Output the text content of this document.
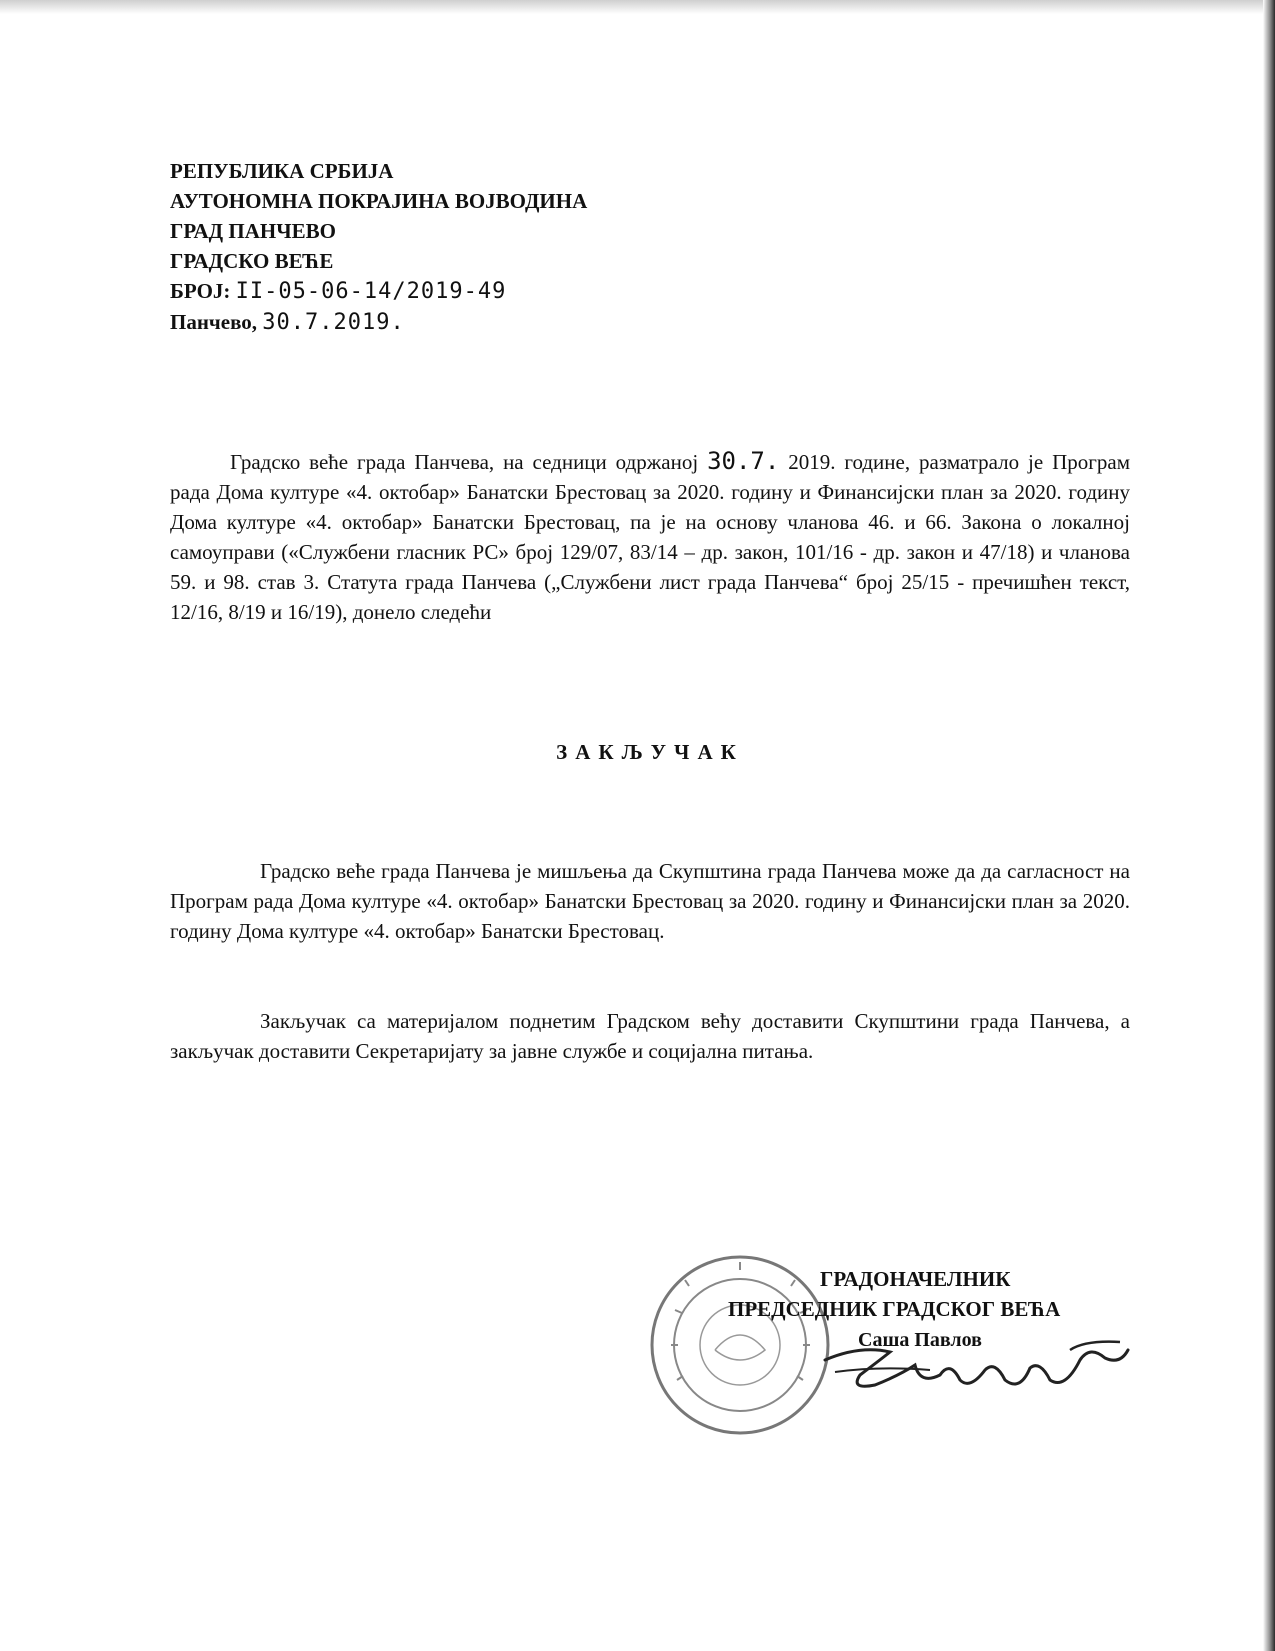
РЕПУБЛИКА СРБИЈА
АУТОНОМНА ПОКРАЈИНА ВОЈВОДИНА
ГРАД ПАНЧЕВО
ГРАДСКО ВЕЋЕ
БРОЈ: II-05-06-14/2019-49
Панчево, 30.7.2019.
Градско веће града Панчева, на седници одржаној 30.7. 2019. године, разматрало је Програм рада Дома културе «4. октобар» Банатски Брестовац за 2020. годину и Финансијски план за 2020. годину Дома културе «4. октобар» Банатски Брестовац, па је на основу чланова 46. и 66. Закона о локалној самоуправи («Службени гласник РС» број 129/07, 83/14 – др. закон, 101/16 - др. закон и 47/18) и чланова 59. и 98. став 3. Статута града Панчева („Службени лист града Панчева“ број 25/15 - пречишћен текст, 12/16, 8/19 и 16/19), донело следећи
ЗАКЉУЧАК
Градско веће града Панчева је мишљења да Скупштина града Панчева може да да сагласност на Програм рада Дома културе «4. октобар» Банатски Брестовац за 2020. годину и Финансијски план за 2020. годину Дома културе «4. октобар» Банатски Брестовац.
Закључак са материјалом поднетим Градском већу доставити Скупштини града Панчева, а закључак доставити Секретаријату за јавне службе и социјална питања.
ГРАДОНАЧЕЛНИК
ПРЕДСЕДНИК ГРАДСКОГ ВЕЋА
Саша Павлов
